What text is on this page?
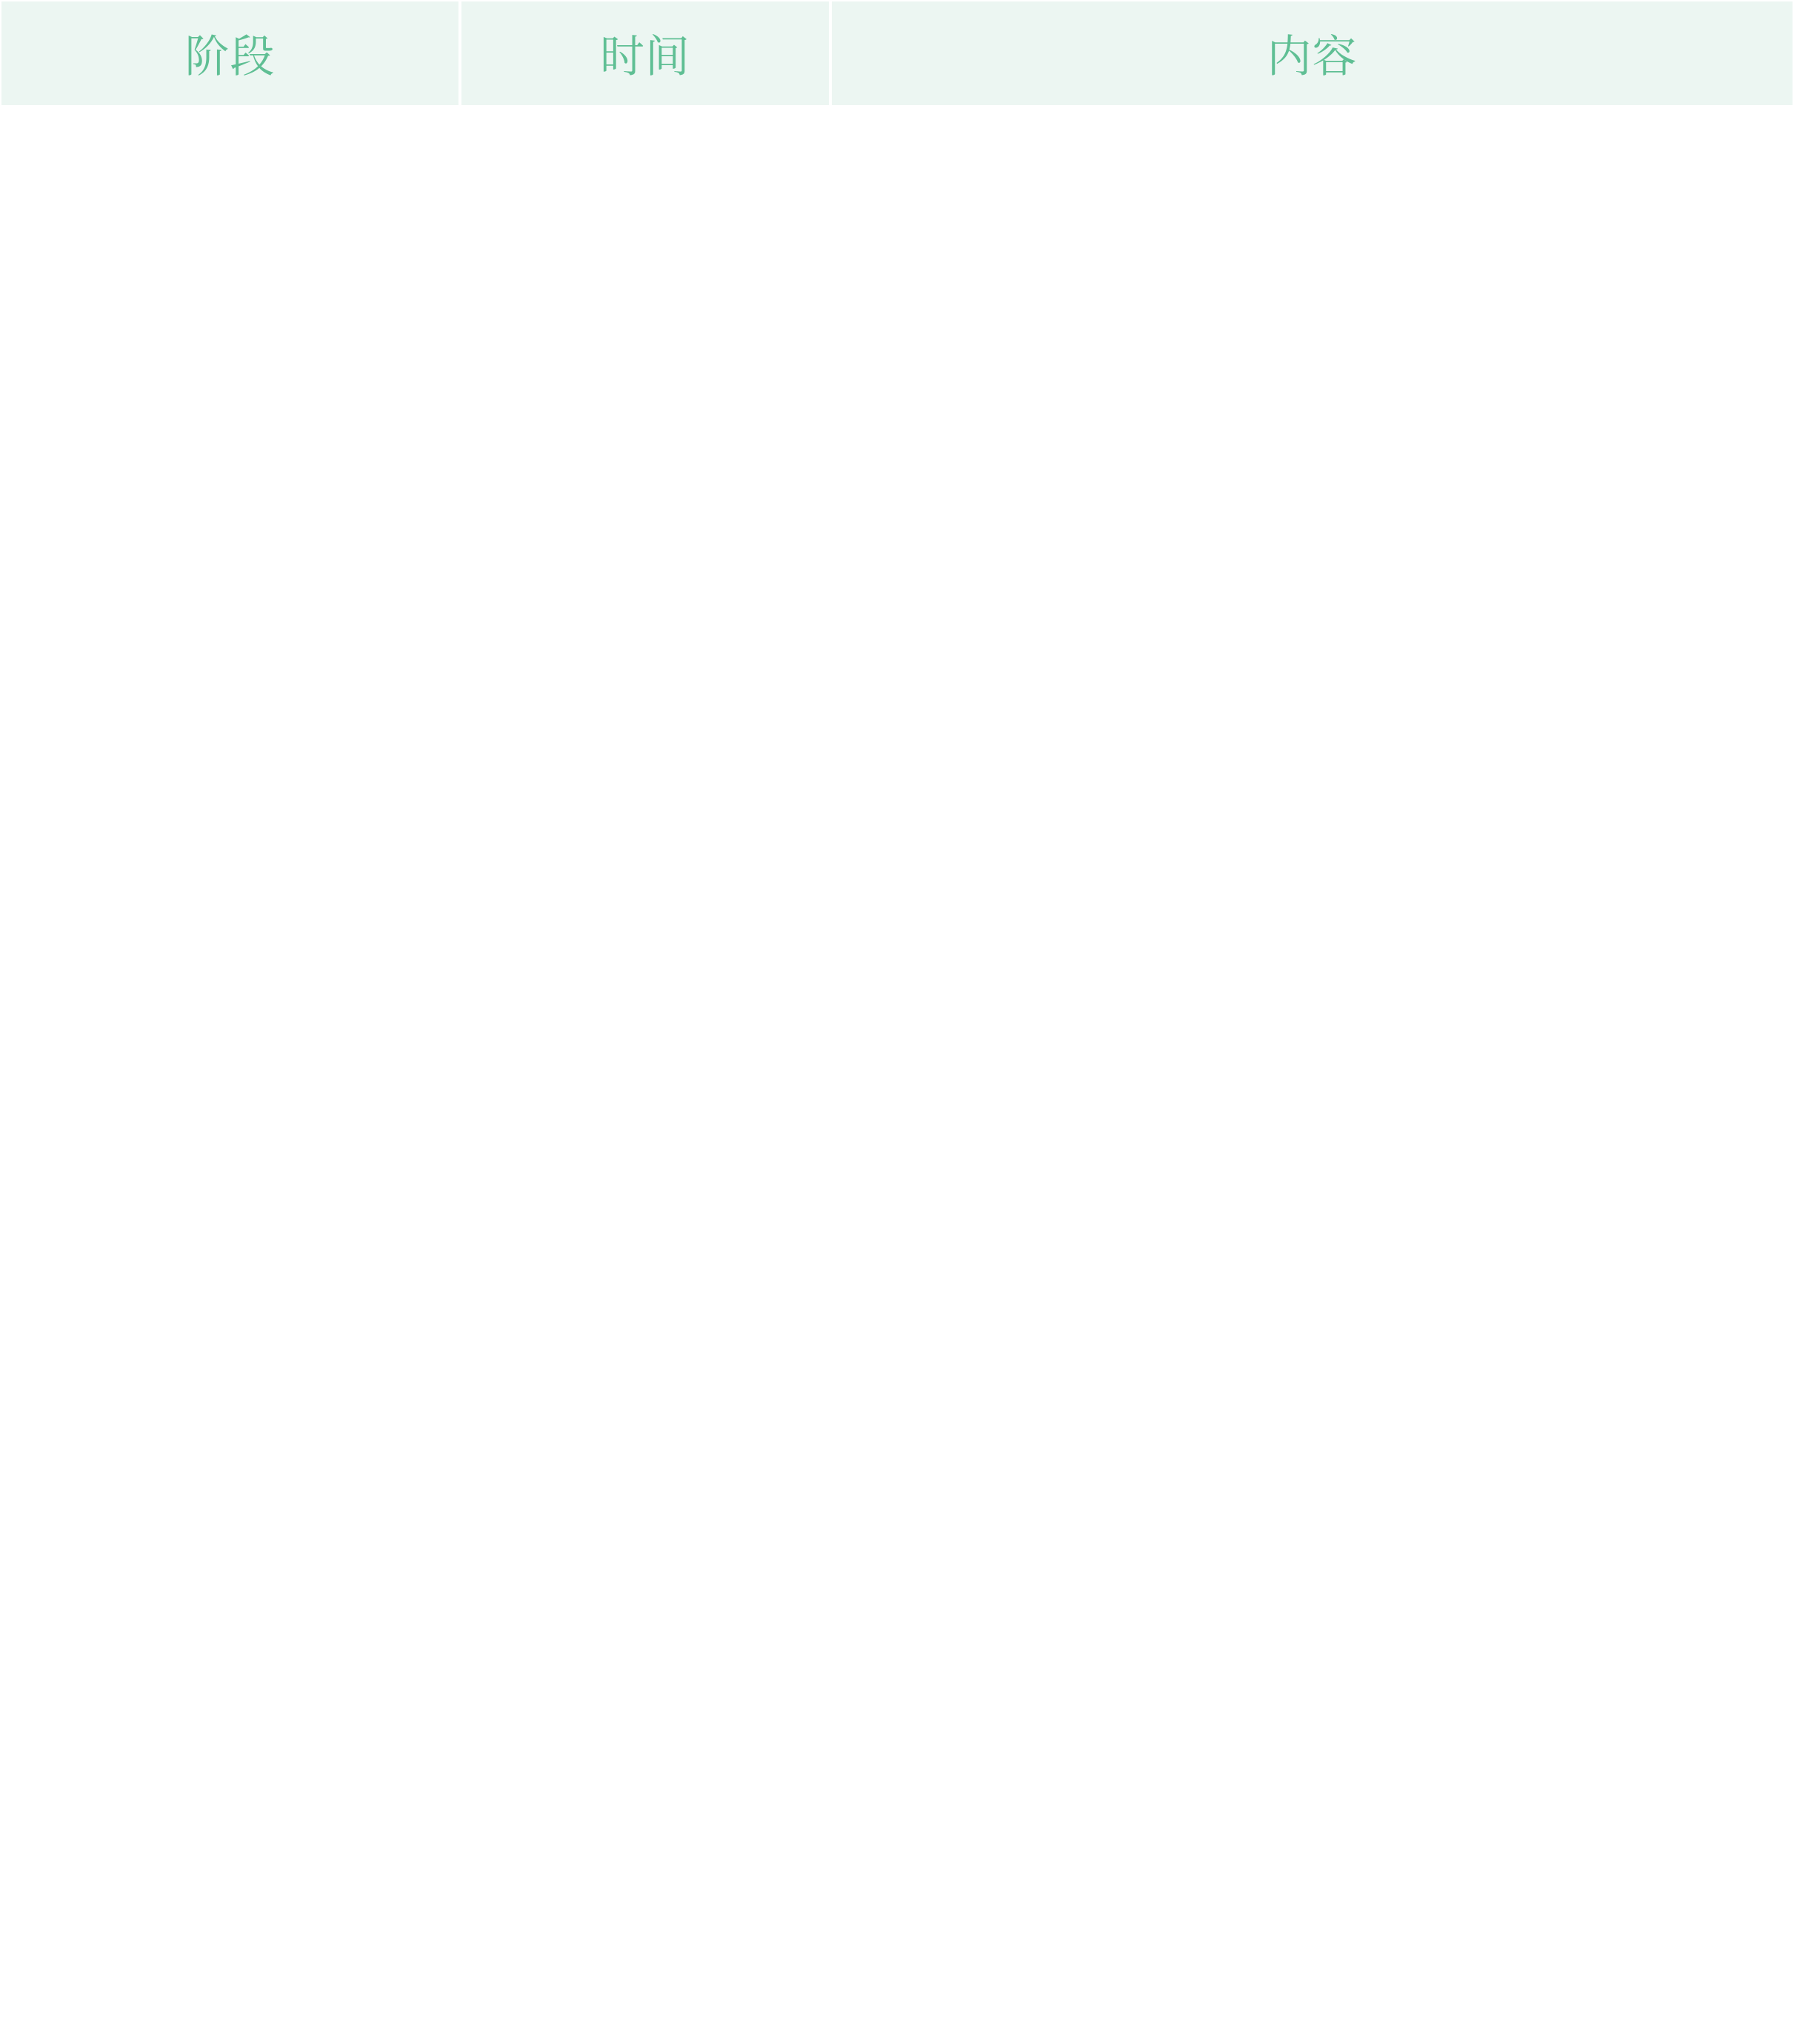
阶段	时间	内容
